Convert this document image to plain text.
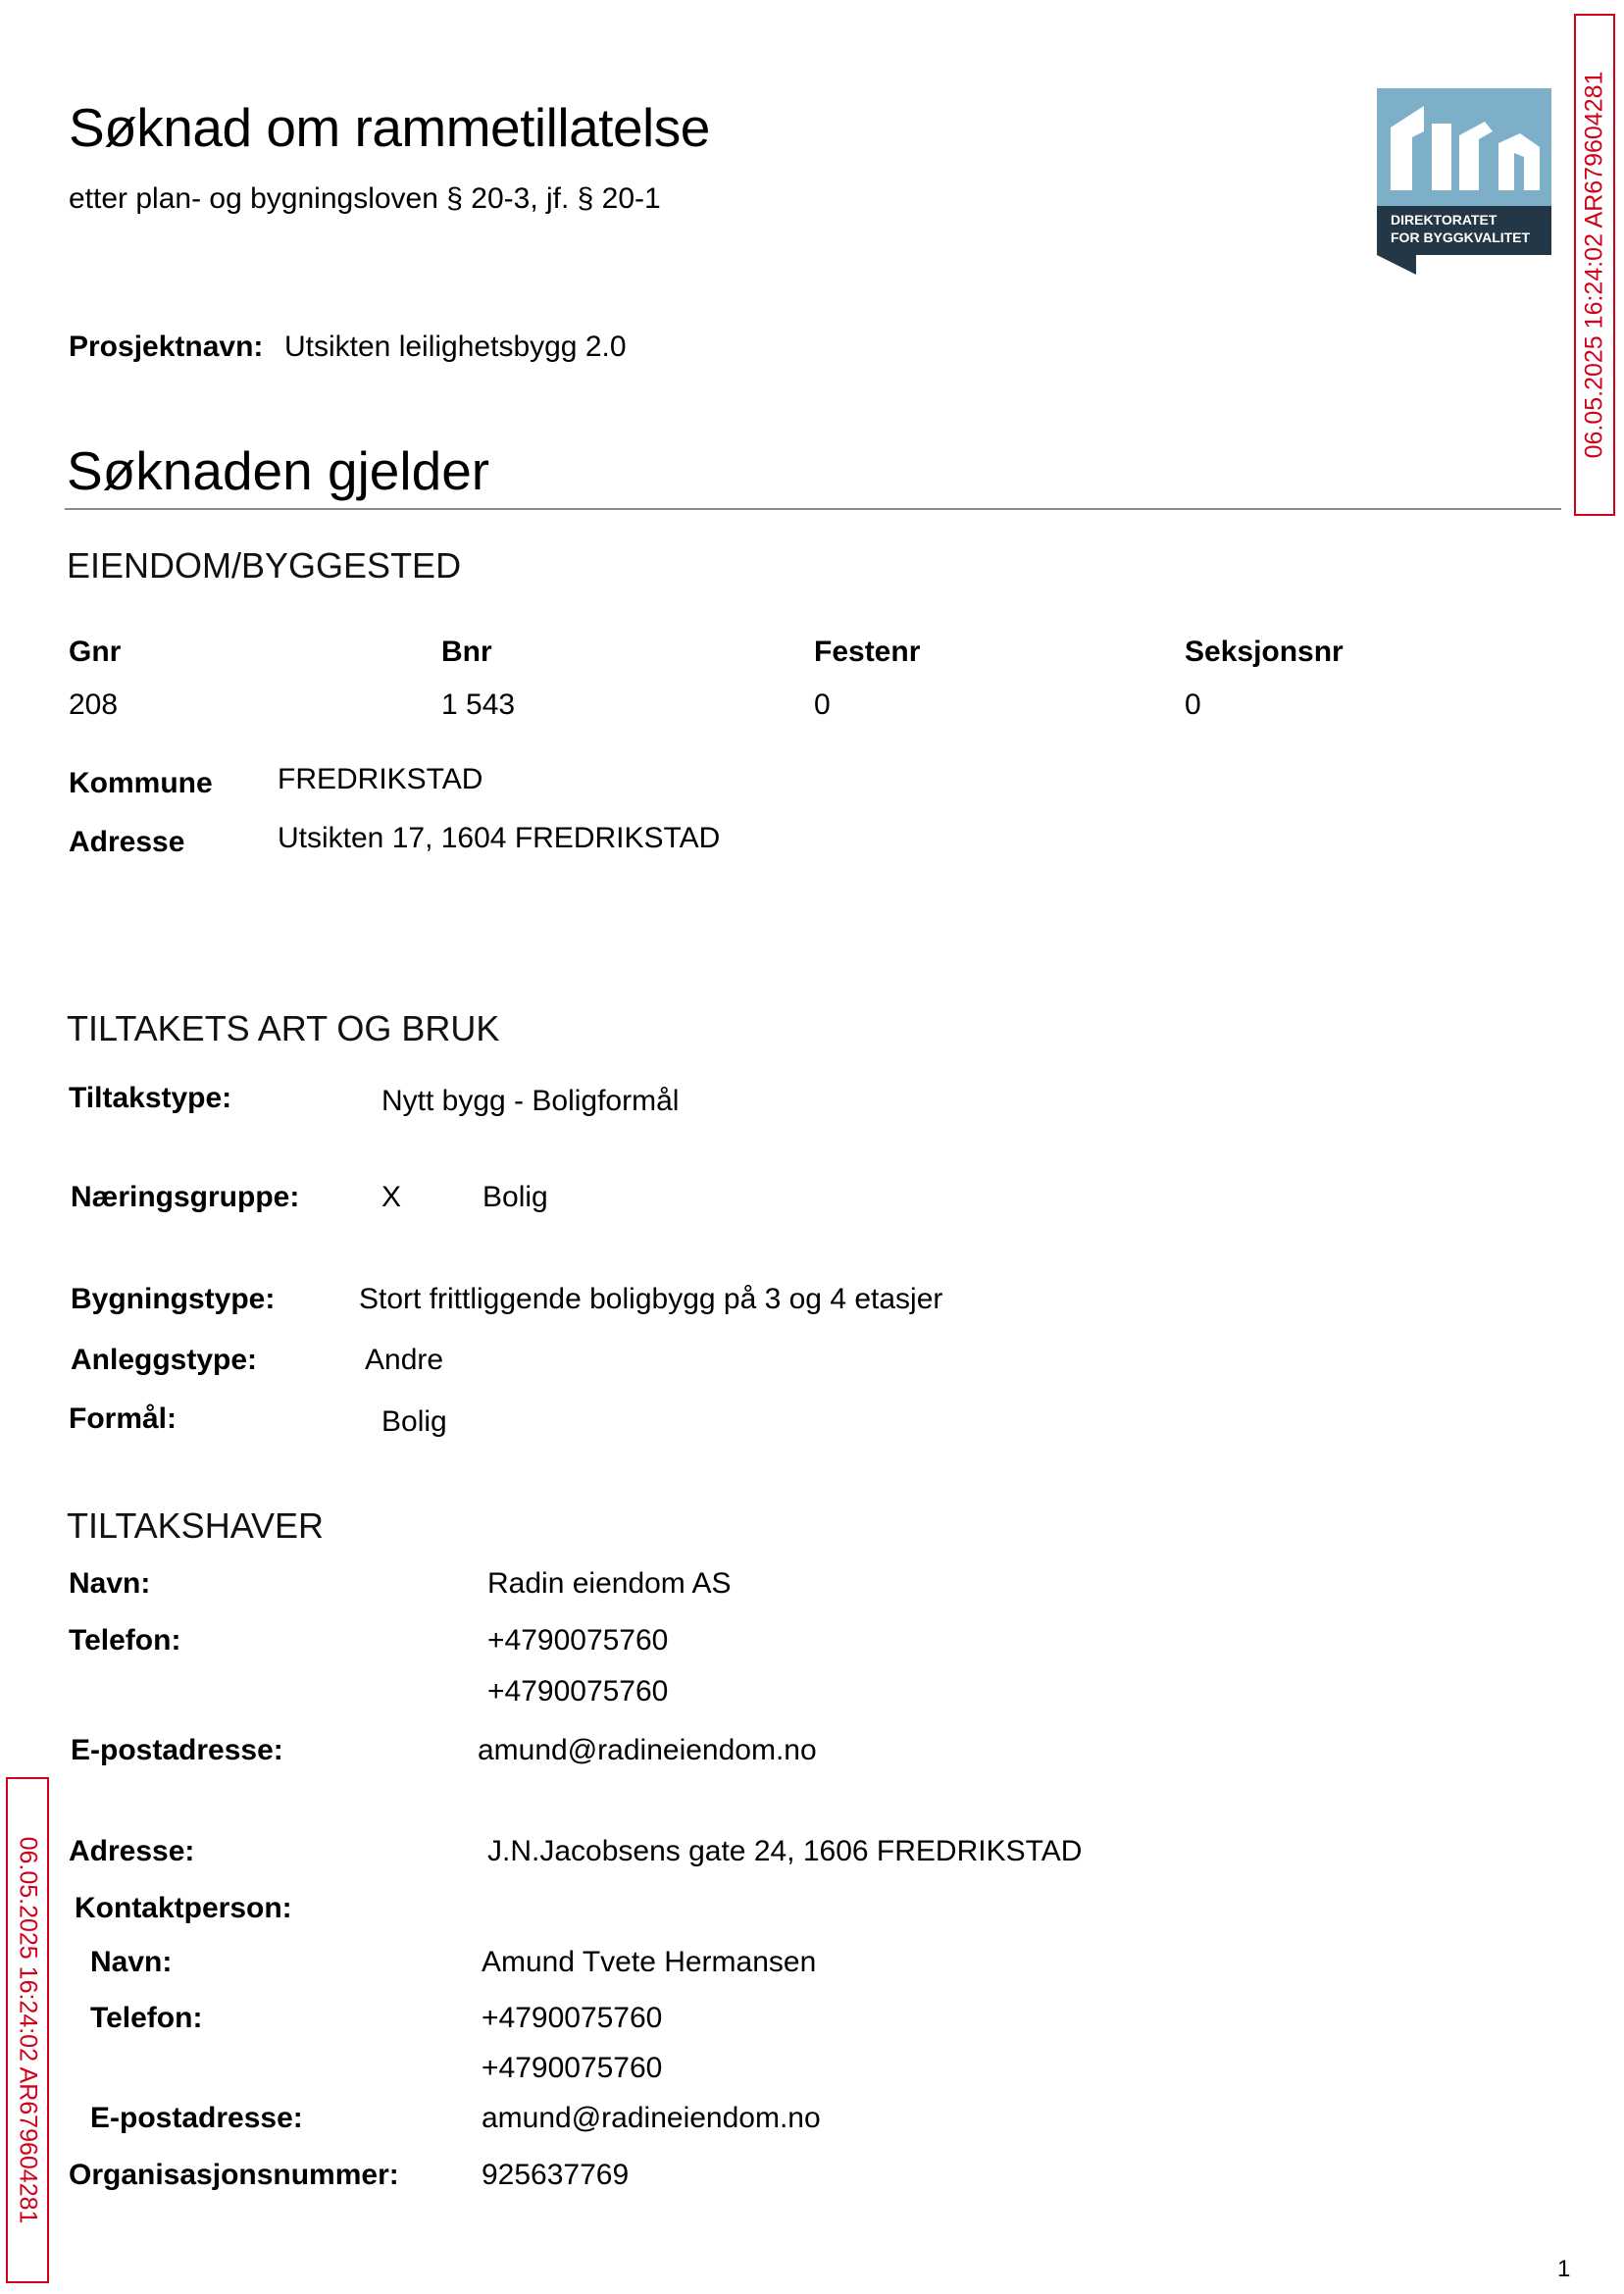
Søknad om rammetillatelse
etter plan- og bygningsloven § 20-3, jf. § 20-1
DIREKTORATET
FOR BYGGKVALITET 06.05.2025 16:24:02 AR679604281
06.05.2025 16:24:02 AR679604281
Prosjektnavn: Utsikten leilighetsbygg 2.0
Søknaden gjelder
EIENDOM/BYGGESTED
Gnr	Bnr	Festenr	Seksjonsnr
208	1 543	0	0
Kommune FREDRIKSTAD
Adresse	Utsikten 17, 1604 FREDRIKSTAD
TILTAKETS ART OG BRUK
Tiltakstype:	Nytt bygg - Boligformål
Næringsgruppe:	X	Bolig
Bygningstype:	Stort frittliggende boligbygg på 3 og 4 etasjer
Anleggstype:	Andre
Formål:	Bolig
TILTAKSHAVER
Navn:	Radin eiendom AS
Telefon:	+4790075760
+4790075760
E-postadresse:	amund@radineiendom.no
Adresse:	J.N.Jacobsens gate 24, 1606 FREDRIKSTAD
Kontaktperson:
Navn:	Amund Tvete Hermansen
Telefon:	+4790075760
+4790075760
E-postadresse:	amund@radineiendom.no
Organisasjonsnummer:	925637769
1
